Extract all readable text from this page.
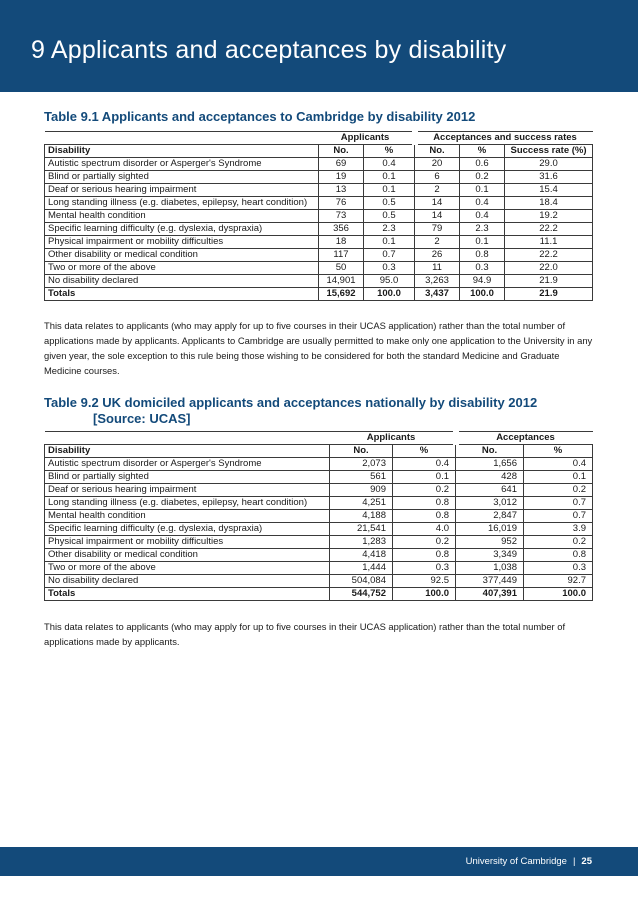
9 Applicants and acceptances by disability
Table 9.1 Applicants and acceptances to Cambridge by disability 2012
	Applicants		Acceptances and success rates		
Disability	No.	%	No.	%	Success rate (%)
Autistic spectrum disorder or Asperger's Syndrome	69	0.4	20	0.6	29.0
Blind or partially sighted	19	0.1	6	0.2	31.6
Deaf or serious hearing impairment	13	0.1	2	0.1	15.4
Long standing illness (e.g. diabetes, epilepsy, heart condition)	76	0.5	14	0.4	18.4
Mental health condition	73	0.5	14	0.4	19.2
Specific learning difficulty (e.g. dyslexia, dyspraxia)	356	2.3	79	2.3	22.2
Physical impairment or mobility difficulties	18	0.1	2	0.1	11.1
Other disability or medical condition	117	0.7	26	0.8	22.2
Two or more of the above	50	0.3	11	0.3	22.0
No disability declared	14,901	95.0	3,263	94.9	21.9
Totals	15,692	100.0	3,437	100.0	21.9

This data relates to applicants (who may apply for up to five courses in their UCAS application) rather than the total number of applications made by applicants. Applicants to Cambridge are usually permitted to make only one application to the University in any given year, the sole exception to this rule being those wishing to be considered for both the standard Medicine and Graduate Medicine courses.

Table 9.2 UK domiciled applicants and acceptances nationally by disability 2012
[Source: UCAS]
	Applicants		Acceptances	
Disability	No.	%	No.	%
Autistic spectrum disorder or Asperger's Syndrome	2,073	0.4	1,656	0.4
Blind or partially sighted	561	0.1	428	0.1
Deaf or serious hearing impairment	909	0.2	641	0.2
Long standing illness (e.g. diabetes, epilepsy, heart condition)	4,251	0.8	3,012	0.7
Mental health condition	4,188	0.8	2,847	0.7
Specific learning difficulty (e.g. dyslexia, dyspraxia)	21,541	4.0	16,019	3.9
Physical impairment or mobility difficulties	1,283	0.2	952	0.2
Other disability or medical condition	4,418	0.8	3,349	0.8
Two or more of the above	1,444	0.3	1,038	0.3
No disability declared	504,084	92.5	377,449	92.7
Totals	544,752	100.0	407,391	100.0

This data relates to applicants (who may apply for up to five courses in their UCAS application) rather than the total number of applications made by applicants.

University of Cambridge | 25
